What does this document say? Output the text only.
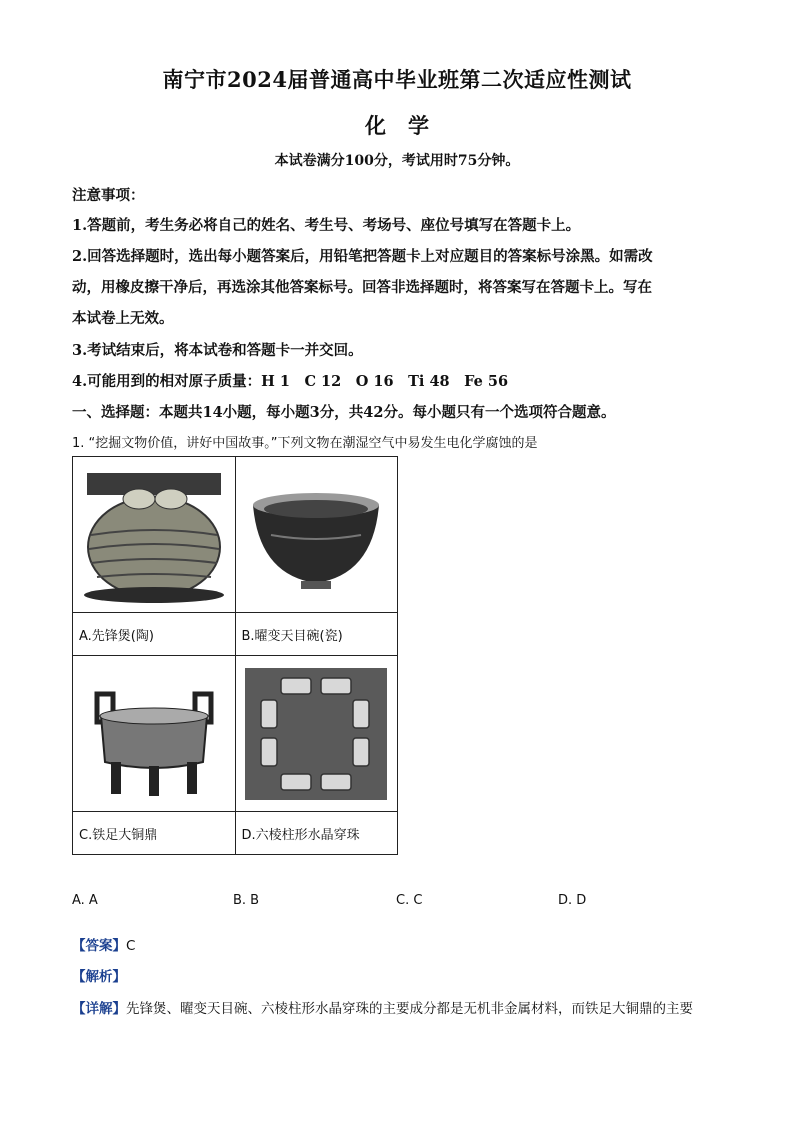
南宁市2024届普通高中毕业班第二次适应性测试
化学
本试卷满分100分，考试用时75分钟。
注意事项：
1.答题前，考生务必将自己的姓名、考生号、考场号、座位号填写在答题卡上。
2.回答选择题时，选出每小题答案后，用铅笔把答题卡上对应题目的答案标号涂黑。如需改
动，用橡皮擦干净后，再选涂其他答案标号。回答非选择题时，将答案写在答题卡上。写在
本试卷上无效。
3.考试结束后，将本试卷和答题卡一并交回。
4.可能用到的相对原子质量：H 1　C 12　O 16　Ti 48　Fe 56
一、选择题：本题共14小题，每小题3分，共42分。每小题只有一个选项符合题意。
1. “挖掘文物价值，讲好中国故事。”下列文物在潮湿空气中易发生电化学腐蚀的是

A.先锋煲(陶)	B.曜变天目碗(瓷)

C.铁足大铜鼎	D.六棱柱形水晶穿珠
A. A	B. B	C. C	D. D
【答案】C
【解析】
【详解】先锋煲、曜变天目碗、六棱柱形水晶穿珠的主要成分都是无机非金属材料，而铁足大铜鼎的主要
